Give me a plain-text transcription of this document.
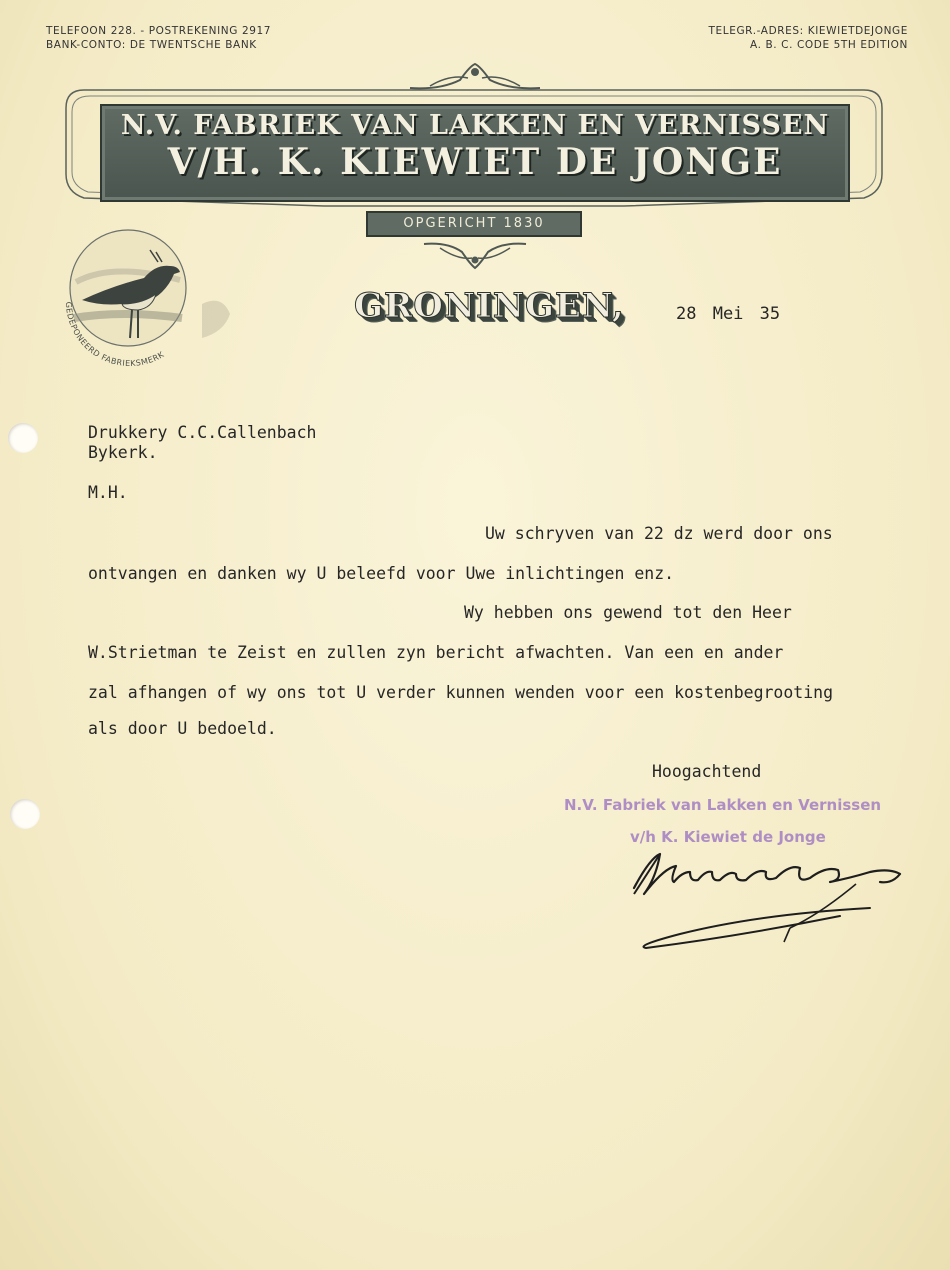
TELEFOON 228. - POSTREKENING 2917
BANK-CONTO: DE TWENTSCHE BANK
TELEGR.-ADRES: KIEWIETDEJONGE
A. B. C. CODE 5TH EDITION
N.V. FABRIEK VAN LAKKEN EN VERNISSEN
V/H. K. KIEWIET DE JONGE
OPGERICHT 1830
GEDEPONEERD FABRIEKSMERK
GRONINGEN,	28 Mei 35
Drukkery C.C.Callenbach
Bykerk.
M.H.
Uw schryven van 22 dz werd door ons
ontvangen en danken wy U beleefd voor Uwe inlichtingen enz.
Wy hebben ons gewend tot den Heer
W.Strietman te Zeist en zullen zyn bericht afwachten. Van een en ander
zal afhangen of wy ons tot U verder kunnen wenden voor een kostenbegrooting
als door U bedoeld.
Hoogachtend
N.V. Fabriek van Lakken en Vernissen
v/h K. Kiewiet de Jonge
